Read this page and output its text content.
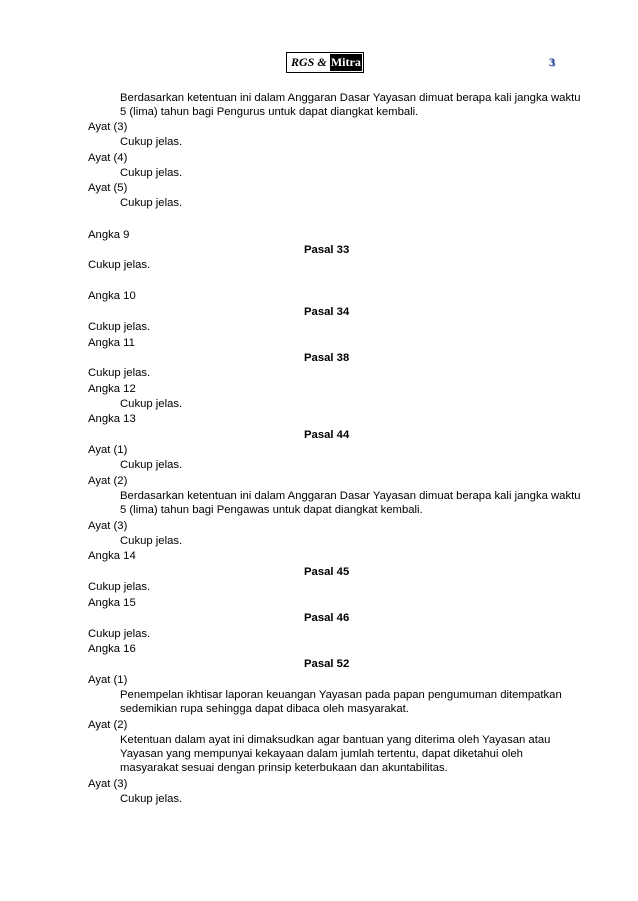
RGS & Mitra	3
Berdasarkan ketentuan ini dalam Anggaran Dasar Yayasan dimuat berapa kali jangka waktu
5 (lima) tahun bagi Pengurus untuk dapat diangkat kembali.
Ayat (3)
Cukup jelas.
Ayat (4)
Cukup jelas.
Ayat (5)
Cukup jelas.
Angka 9
Pasal 33
Cukup jelas.
Angka 10
Pasal 34
Cukup jelas.
Angka 11
Pasal 38
Cukup jelas.
Angka 12
Cukup jelas.
Angka 13
Pasal 44
Ayat (1)
Cukup jelas.
Ayat (2)
Berdasarkan ketentuan ini dalam Anggaran Dasar Yayasan dimuat berapa kali jangka waktu
5 (lima) tahun bagi Pengawas untuk dapat diangkat kembali.
Ayat (3)
Cukup jelas.
Angka 14
Pasal 45
Cukup jelas.
Angka 15
Pasal 46
Cukup jelas.
Angka 16
Pasal 52
Ayat (1)
Penempelan ikhtisar laporan keuangan Yayasan pada papan pengumuman ditempatkan
sedemikian rupa sehingga dapat dibaca oleh masyarakat.
Ayat (2)
Ketentuan dalam ayat ini dimaksudkan agar bantuan yang diterima oleh Yayasan atau
Yayasan yang mempunyai kekayaan dalam jumlah tertentu, dapat diketahui oleh
masyarakat sesuai dengan prinsip keterbukaan dan akuntabilitas.
Ayat (3)
Cukup jelas.
